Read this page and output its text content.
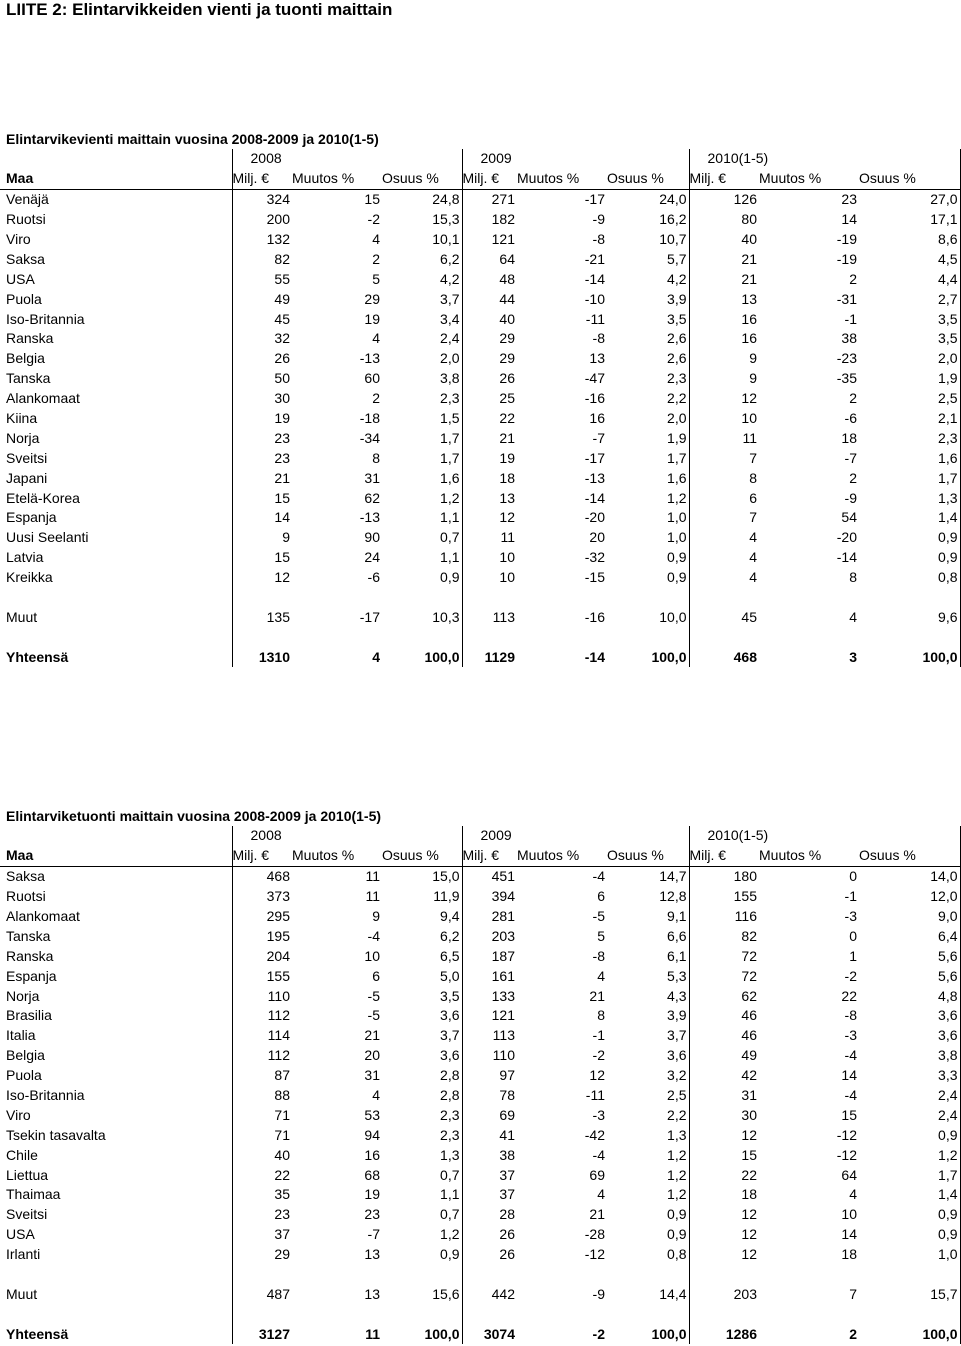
LIITE 2: Elintarvikkeiden vienti ja tuonti maittain
Elintarvikevienti maittain vuosina 2008-2009 ja 2010(1-5)
	2008			2009			2010(1-5)		
Maa	Milj. €	Muutos %	Osuus %	Milj. €	Muutos %	Osuus %	Milj. €	Muutos %	Osuus %
Venäjä	324	15	24,8	271	-17	24,0	126	23	27,0
Ruotsi	200	-2	15,3	182	-9	16,2	80	14	17,1
Viro	132	4	10,1	121	-8	10,7	40	-19	8,6
Saksa	82	2	6,2	64	-21	5,7	21	-19	4,5
USA	55	5	4,2	48	-14	4,2	21	2	4,4
Puola	49	29	3,7	44	-10	3,9	13	-31	2,7
Iso-Britannia	45	19	3,4	40	-11	3,5	16	-1	3,5
Ranska	32	4	2,4	29	-8	2,6	16	38	3,5
Belgia	26	-13	2,0	29	13	2,6	9	-23	2,0
Tanska	50	60	3,8	26	-47	2,3	9	-35	1,9
Alankomaat	30	2	2,3	25	-16	2,2	12	2	2,5
Kiina	19	-18	1,5	22	16	2,0	10	-6	2,1
Norja	23	-34	1,7	21	-7	1,9	11	18	2,3
Sveitsi	23	8	1,7	19	-17	1,7	7	-7	1,6
Japani	21	31	1,6	18	-13	1,6	8	2	1,7
Etelä-Korea	15	62	1,2	13	-14	1,2	6	-9	1,3
Espanja	14	-13	1,1	12	-20	1,0	7	54	1,4
Uusi Seelanti	9	90	0,7	11	20	1,0	4	-20	0,9
Latvia	15	24	1,1	10	-32	0,9	4	-14	0,9
Kreikka	12	-6	0,9	10	-15	0,9	4	8	0,8

Muut	135	-17	10,3	113	-16	10,0	45	4	9,6

Yhteensä	1310	4	100,0	1129	-14	100,0	468	3	100,0
Elintarviketuonti maittain vuosina 2008-2009 ja 2010(1-5)
	2008			2009			2010(1-5)		
Maa	Milj. €	Muutos %	Osuus %	Milj. €	Muutos %	Osuus %	Milj. €	Muutos %	Osuus %
Saksa	468	11	15,0	451	-4	14,7	180	0	14,0
Ruotsi	373	11	11,9	394	6	12,8	155	-1	12,0
Alankomaat	295	9	9,4	281	-5	9,1	116	-3	9,0
Tanska	195	-4	6,2	203	5	6,6	82	0	6,4
Ranska	204	10	6,5	187	-8	6,1	72	1	5,6
Espanja	155	6	5,0	161	4	5,3	72	-2	5,6
Norja	110	-5	3,5	133	21	4,3	62	22	4,8
Brasilia	112	-5	3,6	121	8	3,9	46	-8	3,6
Italia	114	21	3,7	113	-1	3,7	46	-3	3,6
Belgia	112	20	3,6	110	-2	3,6	49	-4	3,8
Puola	87	31	2,8	97	12	3,2	42	14	3,3
Iso-Britannia	88	4	2,8	78	-11	2,5	31	-4	2,4
Viro	71	53	2,3	69	-3	2,2	30	15	2,4
Tsekin tasavalta	71	94	2,3	41	-42	1,3	12	-12	0,9
Chile	40	16	1,3	38	-4	1,2	15	-12	1,2
Liettua	22	68	0,7	37	69	1,2	22	64	1,7
Thaimaa	35	19	1,1	37	4	1,2	18	4	1,4
Sveitsi	23	23	0,7	28	21	0,9	12	10	0,9
USA	37	-7	1,2	26	-28	0,9	12	14	0,9
Irlanti	29	13	0,9	26	-12	0,8	12	18	1,0

Muut	487	13	15,6	442	-9	14,4	203	7	15,7

Yhteensä	3127	11	100,0	3074	-2	100,0	1286	2	100,0
